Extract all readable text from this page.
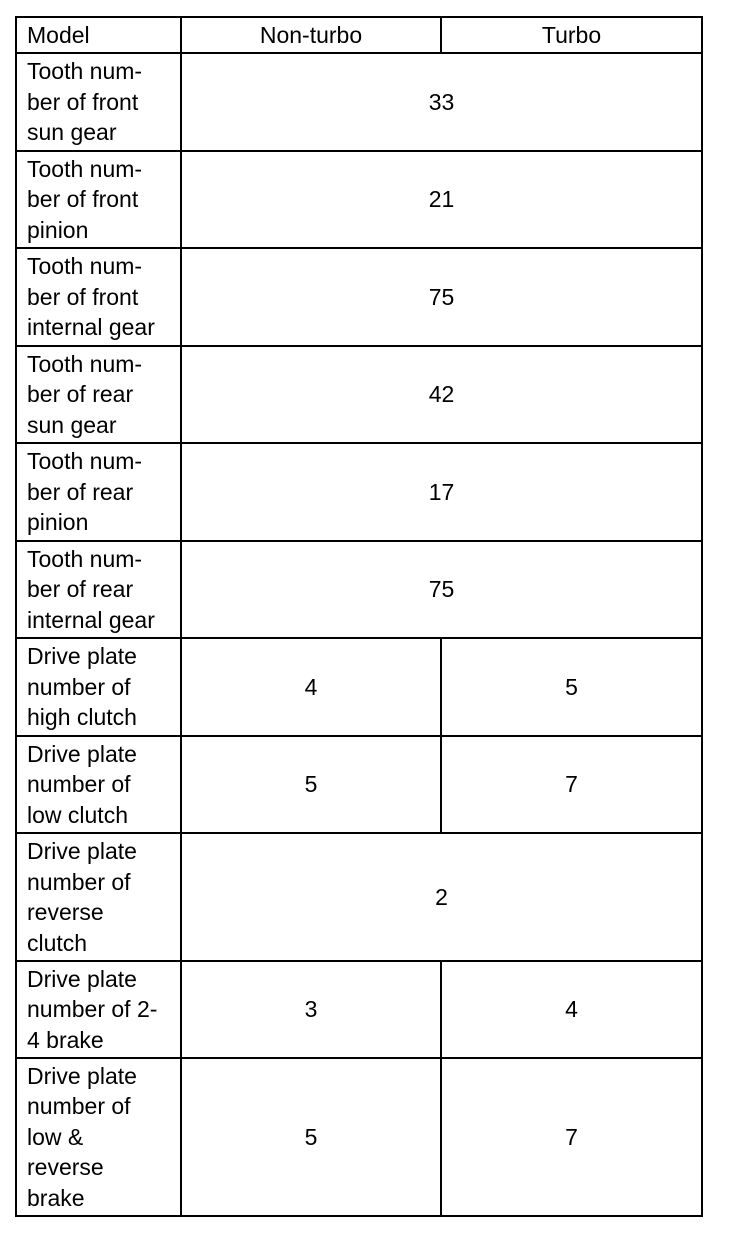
Model	Non-turbo	Turbo
Tooth num-
ber of front
sun gear	33	
Tooth num-
ber of front
pinion	21	
Tooth num-
ber of front
internal gear	75	
Tooth num-
ber of rear
sun gear	42	
Tooth num-
ber of rear
pinion	17	
Tooth num-
ber of rear
internal gear	75	
Drive plate
number of
high clutch	4	5
Drive plate
number of
low clutch	5	7
Drive plate
number of
reverse
clutch	2	
Drive plate
number of 2-
4 brake	3	4
Drive plate
number of
low &
reverse
brake	5	7
